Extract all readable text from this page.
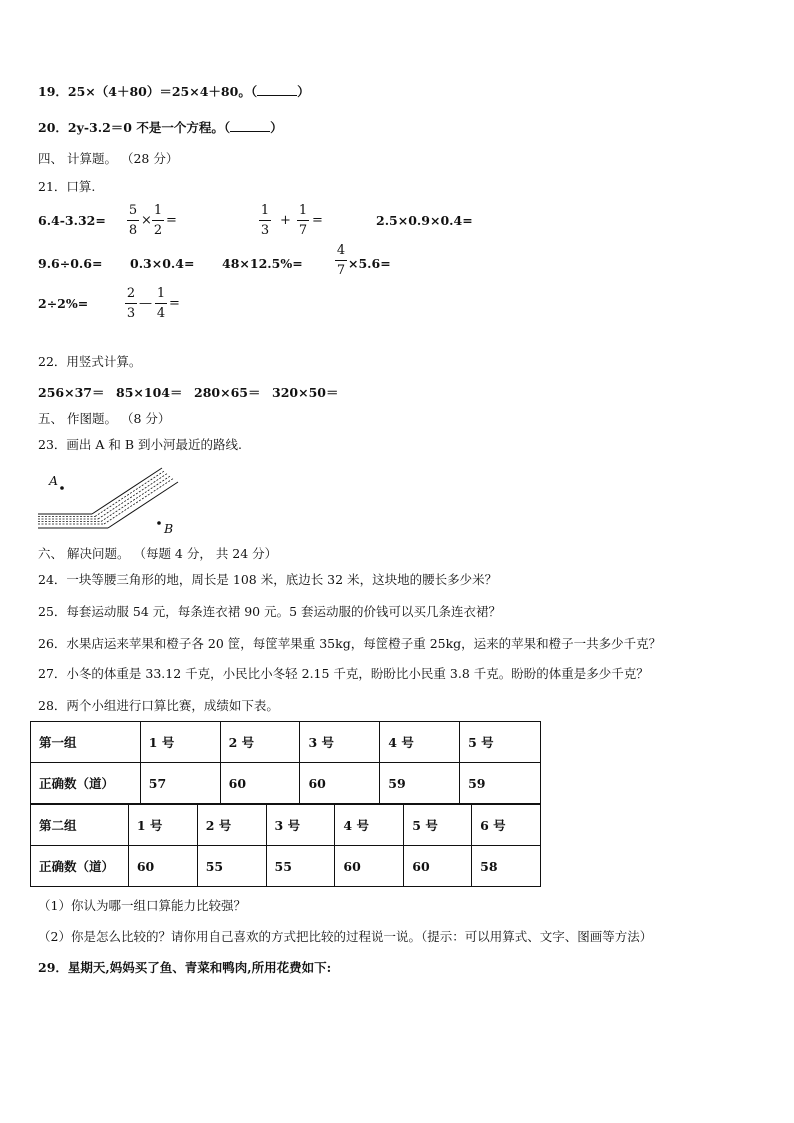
19．25×（4＋80）＝25×4＋80。（	）
20．2y-3.2＝0 不是一个方程。（	）
四、 计算题。 （28 分）
21．口算.
6.4-3.32=
5
8
×
1
2
=
1
3
+
1
7
=	2.5×0.9×0.4=
9.6÷0.6= 0.3×0.4= 48×12.5%=
4
7 ×5.6=
2÷2%=
2
3
—
1
4
=
22．用竖式计算。
256×37＝ 85×104＝ 280×65＝ 320×50＝
五、 作图题。 （8 分）
23．画出 A 和 B 到小河最近的路线.
A
B
六、 解决问题。 （每题 4 分， 共 24 分）
24．一块等腰三角形的地，周长是 108 米，底边长 32 米，这块地的腰长多少米？
25．每套运动服 54 元，每条连衣裙 90 元。5 套运动服的价钱可以买几条连衣裙？
26．水果店运来苹果和橙子各 20 筐，每筐苹果重 35kg，每筐橙子重 25kg，运来的苹果和橙子一共多少千克？
27．小冬的体重是 33.12 千克，小民比小冬轻 2.15 千克，盼盼比小民重 3.8 千克。盼盼的体重是多少千克？
28．两个小组进行口算比赛，成绩如下表。
第一组	1 号	2 号	3 号	4 号	5 号
正确数（道）	57	60	60	59	59
第二组	1 号	2 号	3 号	4 号	5 号	6 号
正确数（道）	60	55	55	60	60	58
（1）你认为哪一组口算能力比较强？
（2）你是怎么比较的？请你用自己喜欢的方式把比较的过程说一说。（提示：可以用算式、文字、图画等方法）
29．星期天,妈妈买了鱼、青菜和鸭肉,所用花费如下:
